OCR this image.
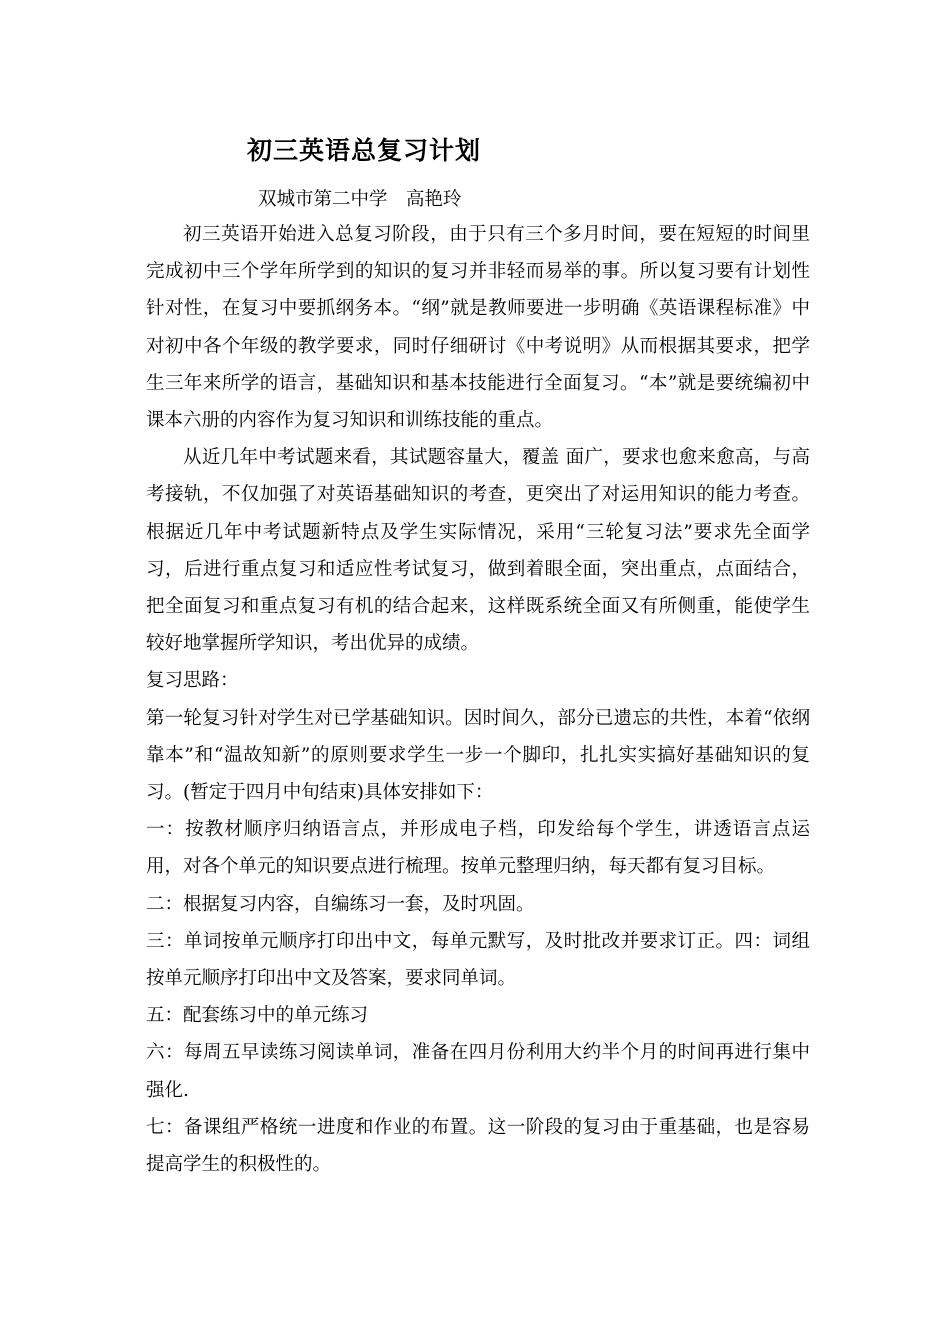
初三英语总复习计划
双城市第二中学　高艳玲

初三英语开始进入总复习阶段，由于只有三个多月时间，要在短短的时间里完成初中三个学年所学到的知识的复习并非轻而易举的事。所以复习要有计划性针对性，在复习中要抓纲务本。“纲”就是教师要进一步明确《英语课程标准》中对初中各个年级的教学要求，同时仔细研讨《中考说明》从而根据其要求，把学生三年来所学的语言，基础知识和基本技能进行全面复习。“本”就是要统编初中课本六册的内容作为复习知识和训练技能的重点。

从近几年中考试题来看，其试题容量大，覆盖 面广，要求也愈来愈高，与高考接轨，不仅加强了对英语基础知识的考查，更突出了对运用知识的能力考查。根据近几年中考试题新特点及学生实际情况，采用“三轮复习法”要求先全面学习，后进行重点复习和适应性考试复习，做到着眼全面，突出重点，点面结合，把全面复习和重点复习有机的结合起来，这样既系统全面又有所侧重，能使学生较好地掌握所学知识，考出优异的成绩。

复习思路：

第一轮复习针对学生对已学基础知识。因时间久，部分已遗忘的共性，本着“依纲靠本”和“温故知新”的原则要求学生一步一个脚印，扎扎实实搞好基础知识的复习。(暂定于四月中旬结束)具体安排如下：

一：按教材顺序归纳语言点，并形成电子档，印发给每个学生，讲透语言点运用，对各个单元的知识要点进行梳理。按单元整理归纳，每天都有复习目标。

二：根据复习内容，自编练习一套，及时巩固。

三：单词按单元顺序打印出中文，每单元默写，及时批改并要求订正。四：词组按单元顺序打印出中文及答案，要求同单词。

五：配套练习中的单元练习

六：每周五早读练习阅读单词，准备在四月份利用大约半个月的时间再进行集中强化.

七：备课组严格统一进度和作业的布置。这一阶段的复习由于重基础，也是容易提高学生的积极性的。
